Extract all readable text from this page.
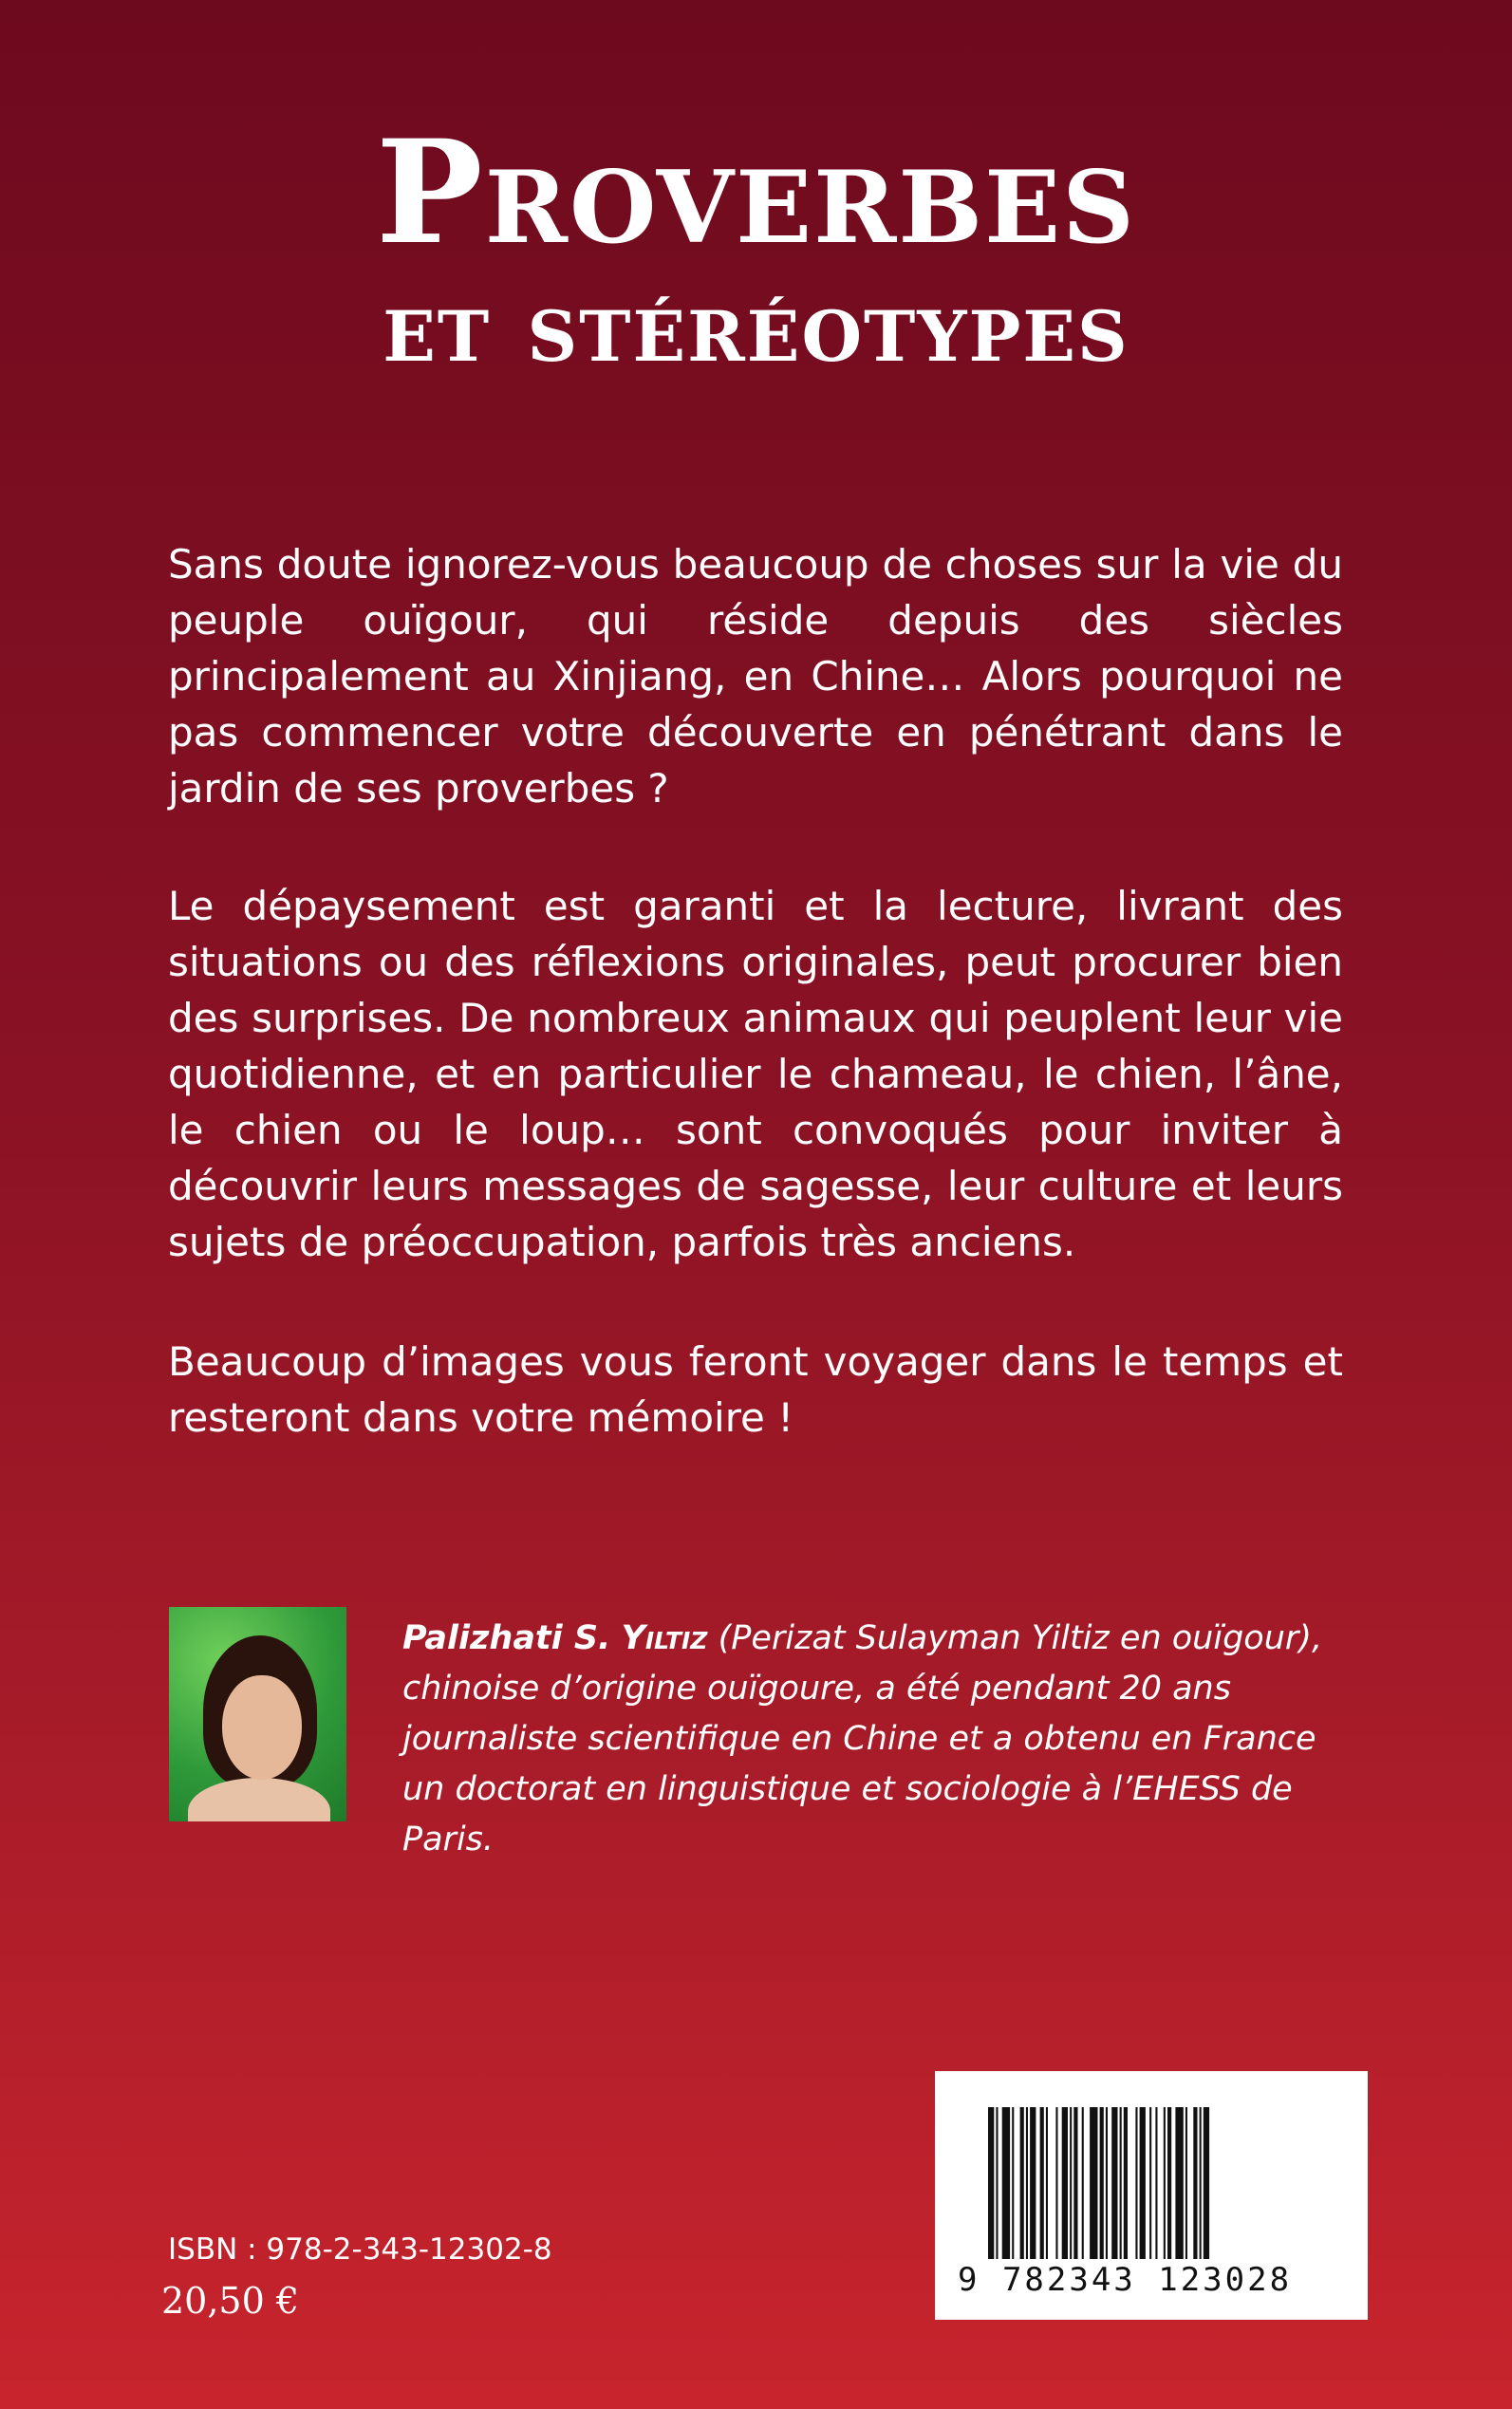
Proverbes
et stéréotypes

Sans doute ignorez-vous beaucoup de choses sur la vie du peuple ouïgour, qui réside depuis des siècles principalement au Xinjiang, en Chine… Alors pourquoi ne pas commencer votre découverte en pénétrant dans le jardin de ses proverbes ?

Le dépaysement est garanti et la lecture, livrant des situations ou des réflexions originales, peut procurer bien des surprises. De nombreux animaux qui peuplent leur vie quotidienne, et en particulier le chameau, le chien, l’âne, le chien ou le loup… sont convoqués pour inviter à découvrir leurs messages de sagesse, leur culture et leurs sujets de préoccupation, parfois très anciens.

Beaucoup d’images vous feront voyager dans le temps et resteront dans votre mémoire !

Palizhati S. Yiltiz (Perizat Sulayman Yiltiz en ouïgour), chinoise d’origine ouïgoure, a été pendant 20 ans journaliste scientifique en Chine et a obtenu en France un doctorat en linguistique et sociologie à l’EHESS de Paris.

9 782343 123028

ISBN : 978-2-343-12302-8

20,50 €
